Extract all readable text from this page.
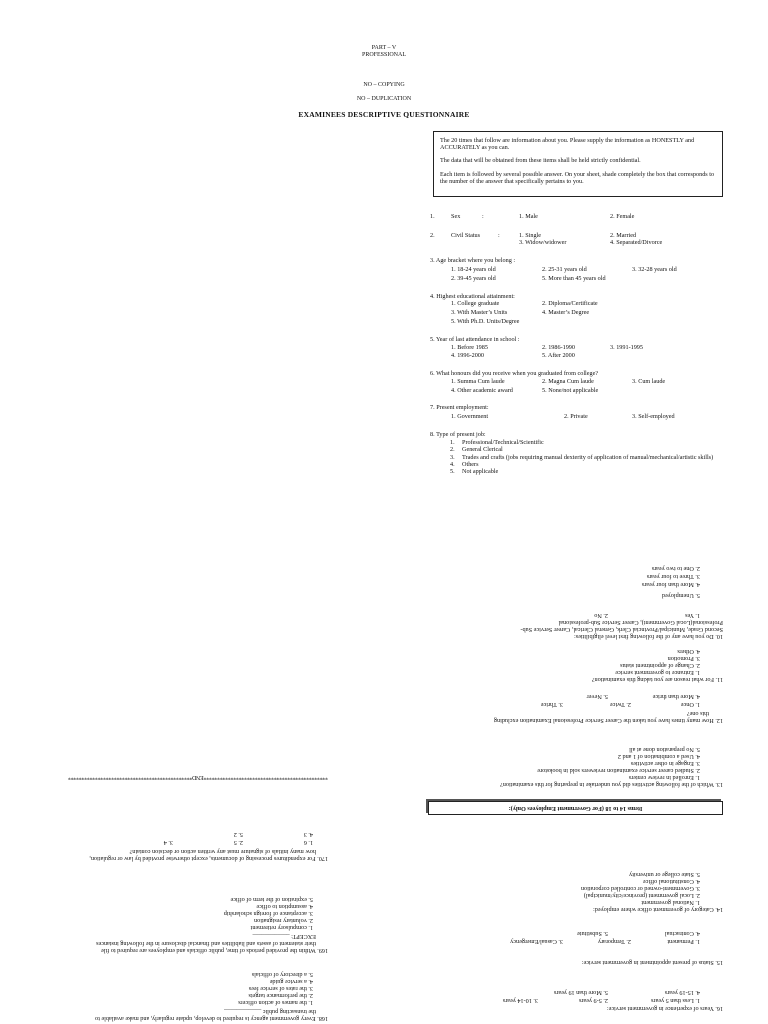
PART – V
PROFESSIONAL
NO – COPYING
NO – DUPLICATION
EXAMINEES DESCRIPTIVE QUESTIONNAIRE

The 20 times that follow are information about you. Please supply the information as HONESTLY and ACCURATELY as you can.

The data that will be obtained from these items shall be held strictly confidential.

Each item is followed by several possible answer. On your sheet, shade completely the box that corresponds to the number of the answer that specifically pertains to you.

1.	Sex	:	1. Male	2. Female
2.	Civil Status	:	1. Single	2. Married
3. Widow/widower	4. Separated/Divorce
3. Age bracket where you belong :
1. 18-24 years old	2. 25-31 years old	3. 32-28 years old
2. 39-45 years old	5. More than 45 years old
4. Highest educational attainment:
1. College graduate	2. Diploma/Certificate
3. With Master’s Units	4. Master’s Degree
5. With Ph.D. Units/Degree
5. Year of last attendance in school :
1. Before 1985	2. 1986-1990	3. 1991-1995
4. 1996-2000	5. After 2000
6. What honours did you receive when you graduated from college?
1. Summa Cum laude	2. Magna Cum laude	3. Cum laude
4. Other academic award	5. None/not applicable
7. Present employment:
1. Government	2. Private	3. Self-employed
8. Type of present job:
1.	Professional/Technical/Scientific
2.	General Clerical
3.	Trades and crafts (jobs requiring manual dexterity of application of manual/mechanical/artistic skills)
4.	Others
5.	Not applicable
16. Years of experience in government service:
1. Less than 5 years
2. 5-9 years
3. 10-14 years
4. 15-19 years
5. More than 19 years
15. Status of present appointment in government service:
1. Permanent
2. Temporary
3. Casual/Emergency
4. Contractual
5. Substitute
14. Category of government office where employed:
1. National government
2. Local government (province/city/municipal)
3. Government-owned or controlled corporation
4. Constitutional office
5. State college or university
Items 14 to 18 (For Government Employees Only):
13. Which of the following activities did you undertake in preparing for this examination?
1. Enrolled in review centers
2. Studied career service examination reviewers sold in bookstore
3. Engage in other activities
4. Used a combination of 1 and 2
5. No preparation done at all
12. How many times have you taken the Career Service Professional Examination excluding
this one?
1. Once
2. Twice
3. Thrice
4. More than thrice
5. Never
11. For what reason are you taking this examination?
1. Entrance to government service
2. Change of appointment status
3. Promotion
4. Others
10. Do you have any of the following first level eligibilities:
Second Grade, Municipal/Provincial Clerk, General Clerical, Career Service Sub-
Professional(Local Government), Career Service Sub-professional
1. Yes
2. No
5. Unemployed
4. More than four years
3. Three to four years
2. One to two years
**********************************************END**********************************************
170. For expenditures processing of documents, except otherwise provided by law or regulation,
how many initials of signature must any written action or decision contain?
1. 6
2. 5
3. 4
4. 3
5. 2
169. Within the provided periods of time, public officials and employees are required to file
their statement of assets and liabilities and financial disclosure in the following instances
EXCEPT: ____________
1. compulsory retirement
2. voluntary resignation
3. acceptance of foreign scholarship
4. assumption to office
5. expiration of the term of office
168. Every government agency is required to develop, update regularly, and make available to
the transacting public ____________
1. the names of action officers
2. the performance targets
3. the rates of service fees
4. a service guide
5. a directory of officials
